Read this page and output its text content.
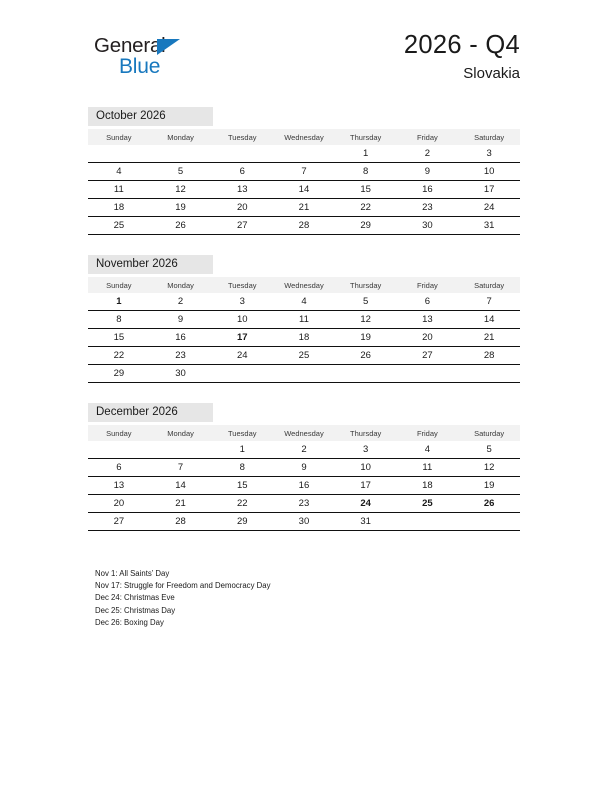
General
Blue
2026 - Q4
Slovakia
October 2026
Sunday	Monday	Tuesday	Wednesday	Thursday	Friday	Saturday
				1	2	3
4	5	6	7	8	9	10
11	12	13	14	15	16	17
18	19	20	21	22	23	24
25	26	27	28	29	30	31
November 2026
Sunday	Monday	Tuesday	Wednesday	Thursday	Friday	Saturday
1	2	3	4	5	6	7
8	9	10	11	12	13	14
15	16	17	18	19	20	21
22	23	24	25	26	27	28
29	30					
December 2026
Sunday	Monday	Tuesday	Wednesday	Thursday	Friday	Saturday
		1	2	3	4	5
6	7	8	9	10	11	12
13	14	15	16	17	18	19
20	21	22	23	24	25	26
27	28	29	30	31		
Nov 1: All Saints’ Day
Nov 17: Struggle for Freedom and Democracy Day
Dec 24: Christmas Eve
Dec 25: Christmas Day
Dec 26: Boxing Day
